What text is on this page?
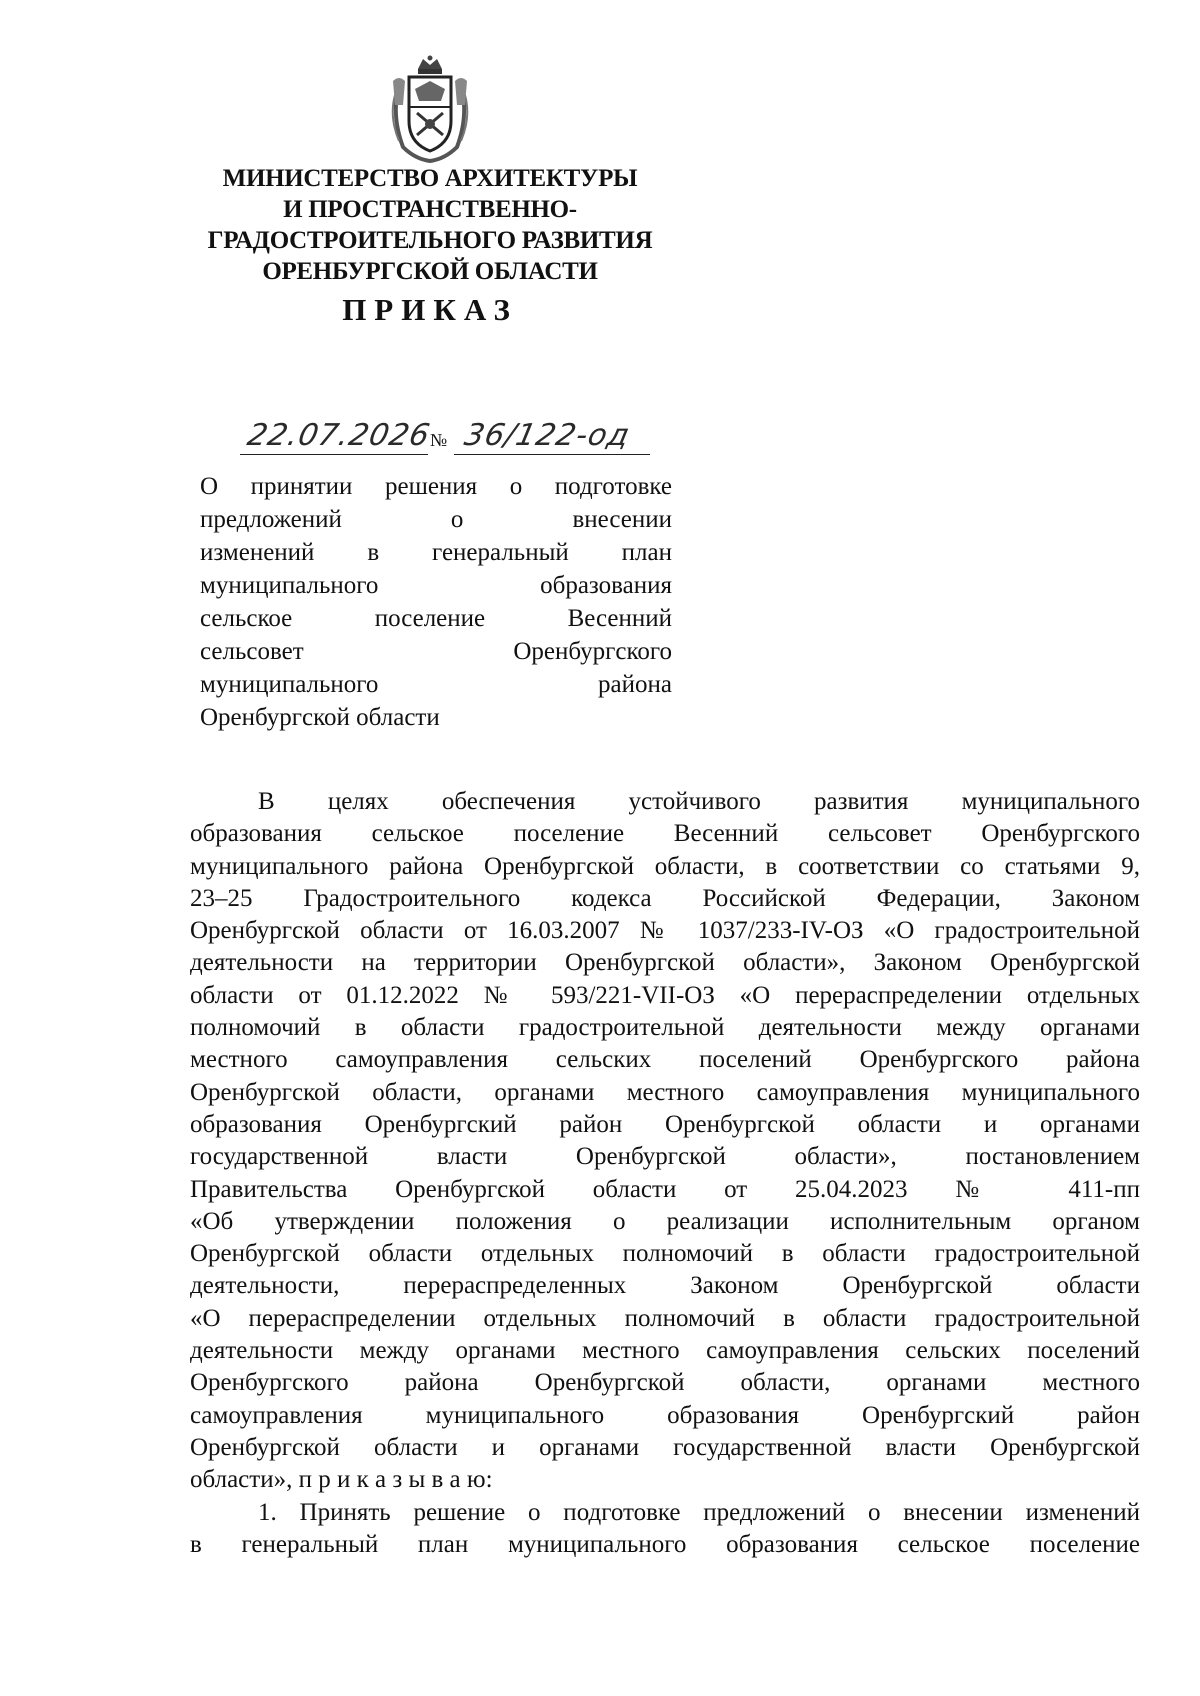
МИНИСТЕРСТВО АРХИТЕКТУРЫ
И ПРОСТРАНСТВЕННО-
ГРАДОСТРОИТЕЛЬНОГО РАЗВИТИЯ
ОРЕНБУРГСКОЙ ОБЛАСТИ
ПРИКАЗ
22.07.2026
№ 36/122-од
О принятии решения о подготовке
предложений о внесении
изменений в генеральный план
муниципального образования
сельское поселение Весенний
сельсовет Оренбургского
муниципального района
Оренбургской области
В целях обеспечения устойчивого развития муниципального
образования сельское поселение Весенний сельсовет Оренбургского
муниципального района Оренбургской области, в соответствии со статьями 9,
23–25 Градостроительного кодекса Российской Федерации, Законом
Оренбургской области от 16.03.2007 № 1037/233-IV-ОЗ «О градостроительной
деятельности на территории Оренбургской области», Законом Оренбургской
области от 01.12.2022 № 593/221-VII-ОЗ «О перераспределении отдельных
полномочий в области градостроительной деятельности между органами
местного самоуправления сельских поселений Оренбургского района
Оренбургской области, органами местного самоуправления муниципального
образования Оренбургский район Оренбургской области и органами
государственной власти Оренбургской области», постановлением
Правительства Оренбургской области от 25.04.2023 № 411-пп
«Об утверждении положения о реализации исполнительным органом
Оренбургской области отдельных полномочий в области градостроительной
деятельности, перераспределенных Законом Оренбургской области
«О перераспределении отдельных полномочий в области градостроительной
деятельности между органами местного самоуправления сельских поселений
Оренбургского района Оренбургской области, органами местного
самоуправления муниципального образования Оренбургский район
Оренбургской области и органами государственной власти Оренбургской
области», п р и к а з ы в а ю:
1. Принять решение о подготовке предложений о внесении изменений
в генеральный план муниципального образования сельское поселение
